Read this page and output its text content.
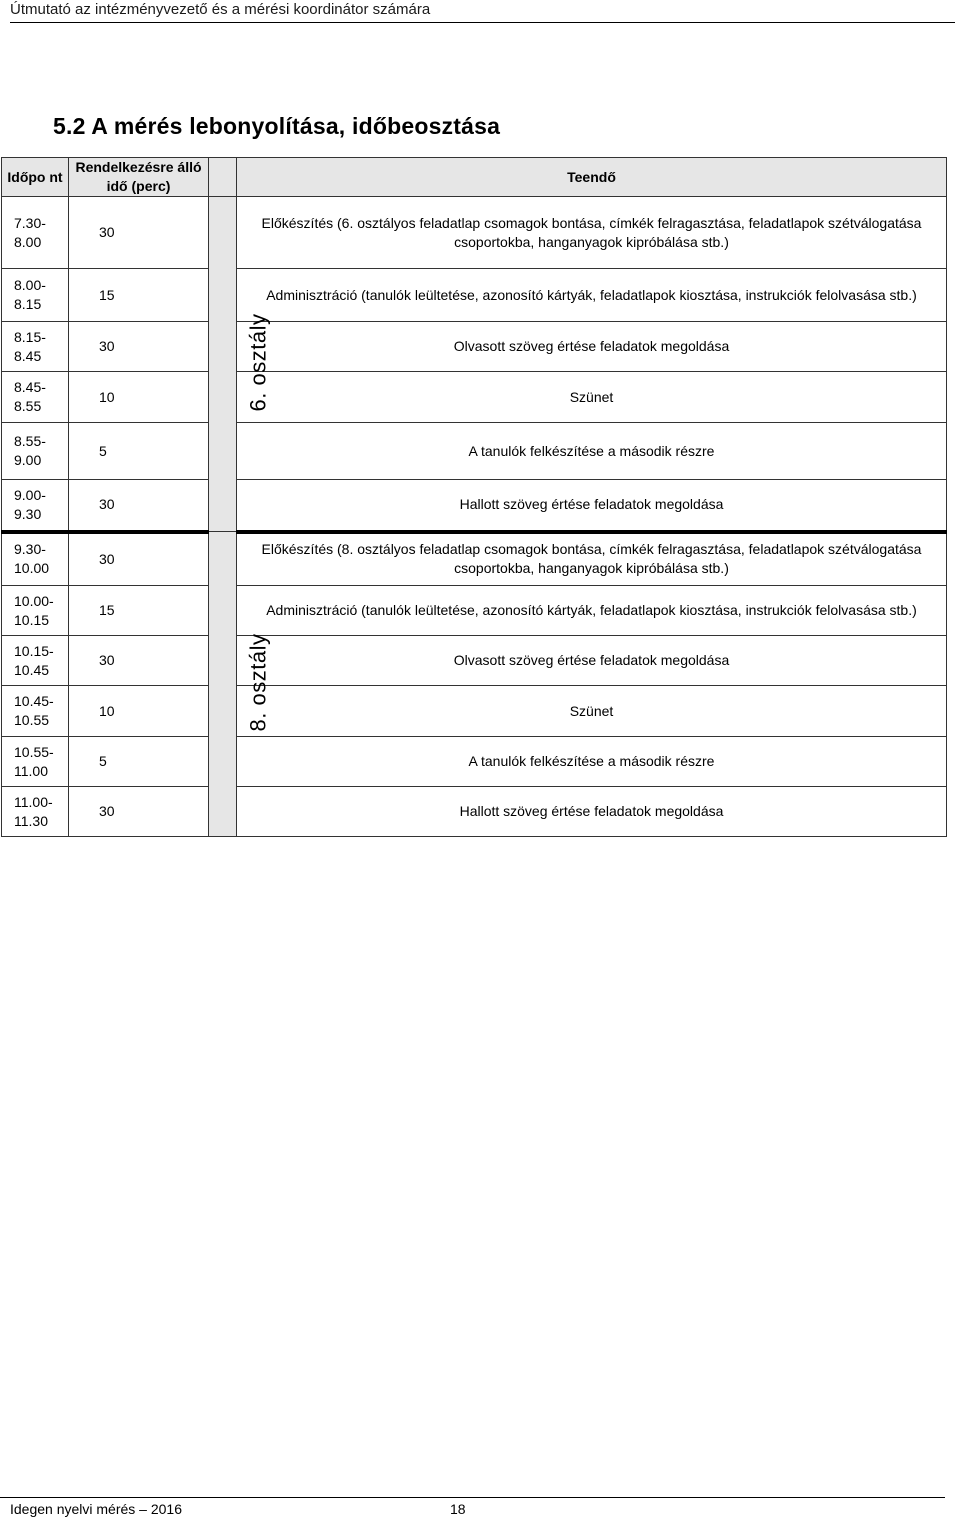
Útmutató az intézményvezető és a mérési koordinátor számára
5.2 A mérés lebonyolítása, időbeosztása
Időpo nt	Rendelkezésre álló idő (perc)		Teendő
7.30- 8.00	30	6. osztály	Előkészítés (6. osztályos feladatlap csomagok bontása, címkék felragasztása, feladatlapok szétválogatása csoportokba, hanganyagok kipróbálása stb.)
8.00- 8.15	15		Adminisztráció (tanulók leültetése, azonosító kártyák, feladatlapok kiosztása, instrukciók felolvasása stb.)
8.15- 8.45	30		Olvasott szöveg értése feladatok megoldása
8.45- 8.55	10		Szünet
8.55- 9.00	5		A tanulók felkészítése a második részre
9.00- 9.30	30		Hallott szöveg értése feladatok megoldása
9.30- 10.00	30	8. osztály	Előkészítés (8. osztályos feladatlap csomagok bontása, címkék felragasztása, feladatlapok szétválogatása csoportokba, hanganyagok kipróbálása stb.)
10.00- 10.15	15		Adminisztráció (tanulók leültetése, azonosító kártyák, feladatlapok kiosztása, instrukciók felolvasása stb.)
10.15- 10.45	30		Olvasott szöveg értése feladatok megoldása
10.45- 10.55	10		Szünet
10.55- 11.00	5		A tanulók felkészítése a második részre
11.00- 11.30	30		Hallott szöveg értése feladatok megoldása
Idegen nyelvi mérés – 2016	18
